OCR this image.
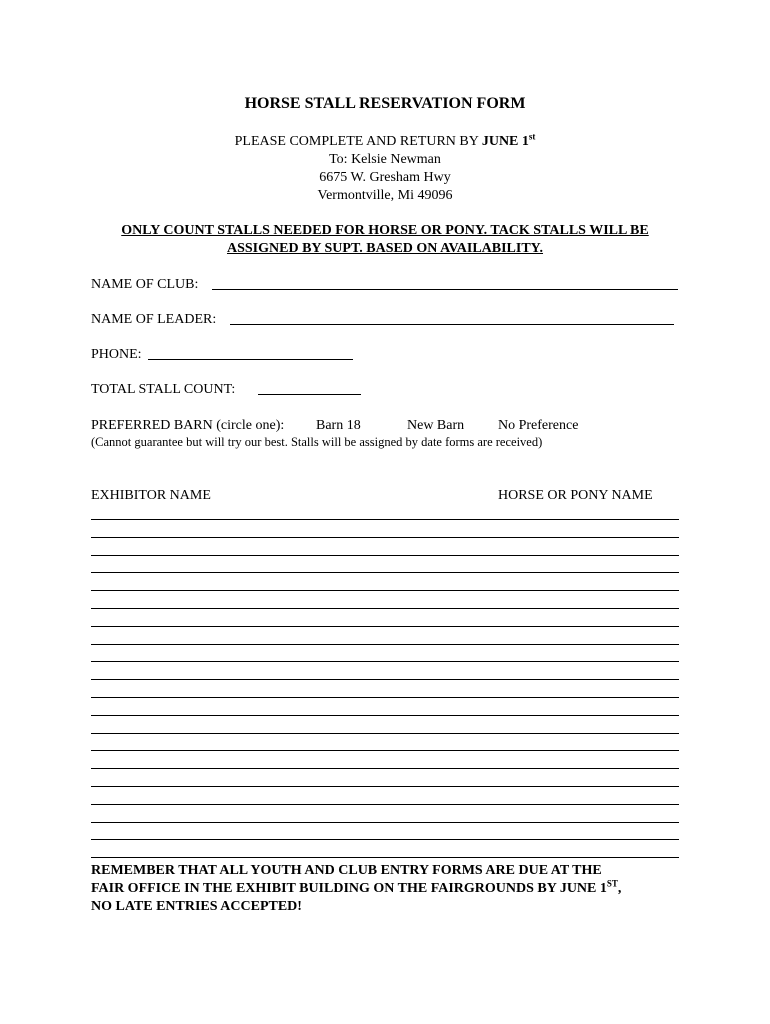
HORSE STALL RESERVATION FORM
PLEASE COMPLETE AND RETURN BY JUNE 1st
To: Kelsie Newman
6675 W. Gresham Hwy
Vermontville, Mi 49096
ONLY COUNT STALLS NEEDED FOR HORSE OR PONY. TACK STALLS WILL BE
ASSIGNED BY SUPT. BASED ON AVAILABILITY.
NAME OF CLUB:
NAME OF LEADER:
PHONE:
TOTAL STALL COUNT:
PREFERRED BARN (circle one): Barn 18	New Barn No Preference
(Cannot guarantee but will try our best. Stalls will be assigned by date forms are received)
EXHIBITOR NAME	HORSE OR PONY NAME
REMEMBER THAT ALL YOUTH AND CLUB ENTRY FORMS ARE DUE AT THE
FAIR OFFICE IN THE EXHIBIT BUILDING ON THE FAIRGROUNDS BY JUNE 1ST,
NO LATE ENTRIES ACCEPTED!
